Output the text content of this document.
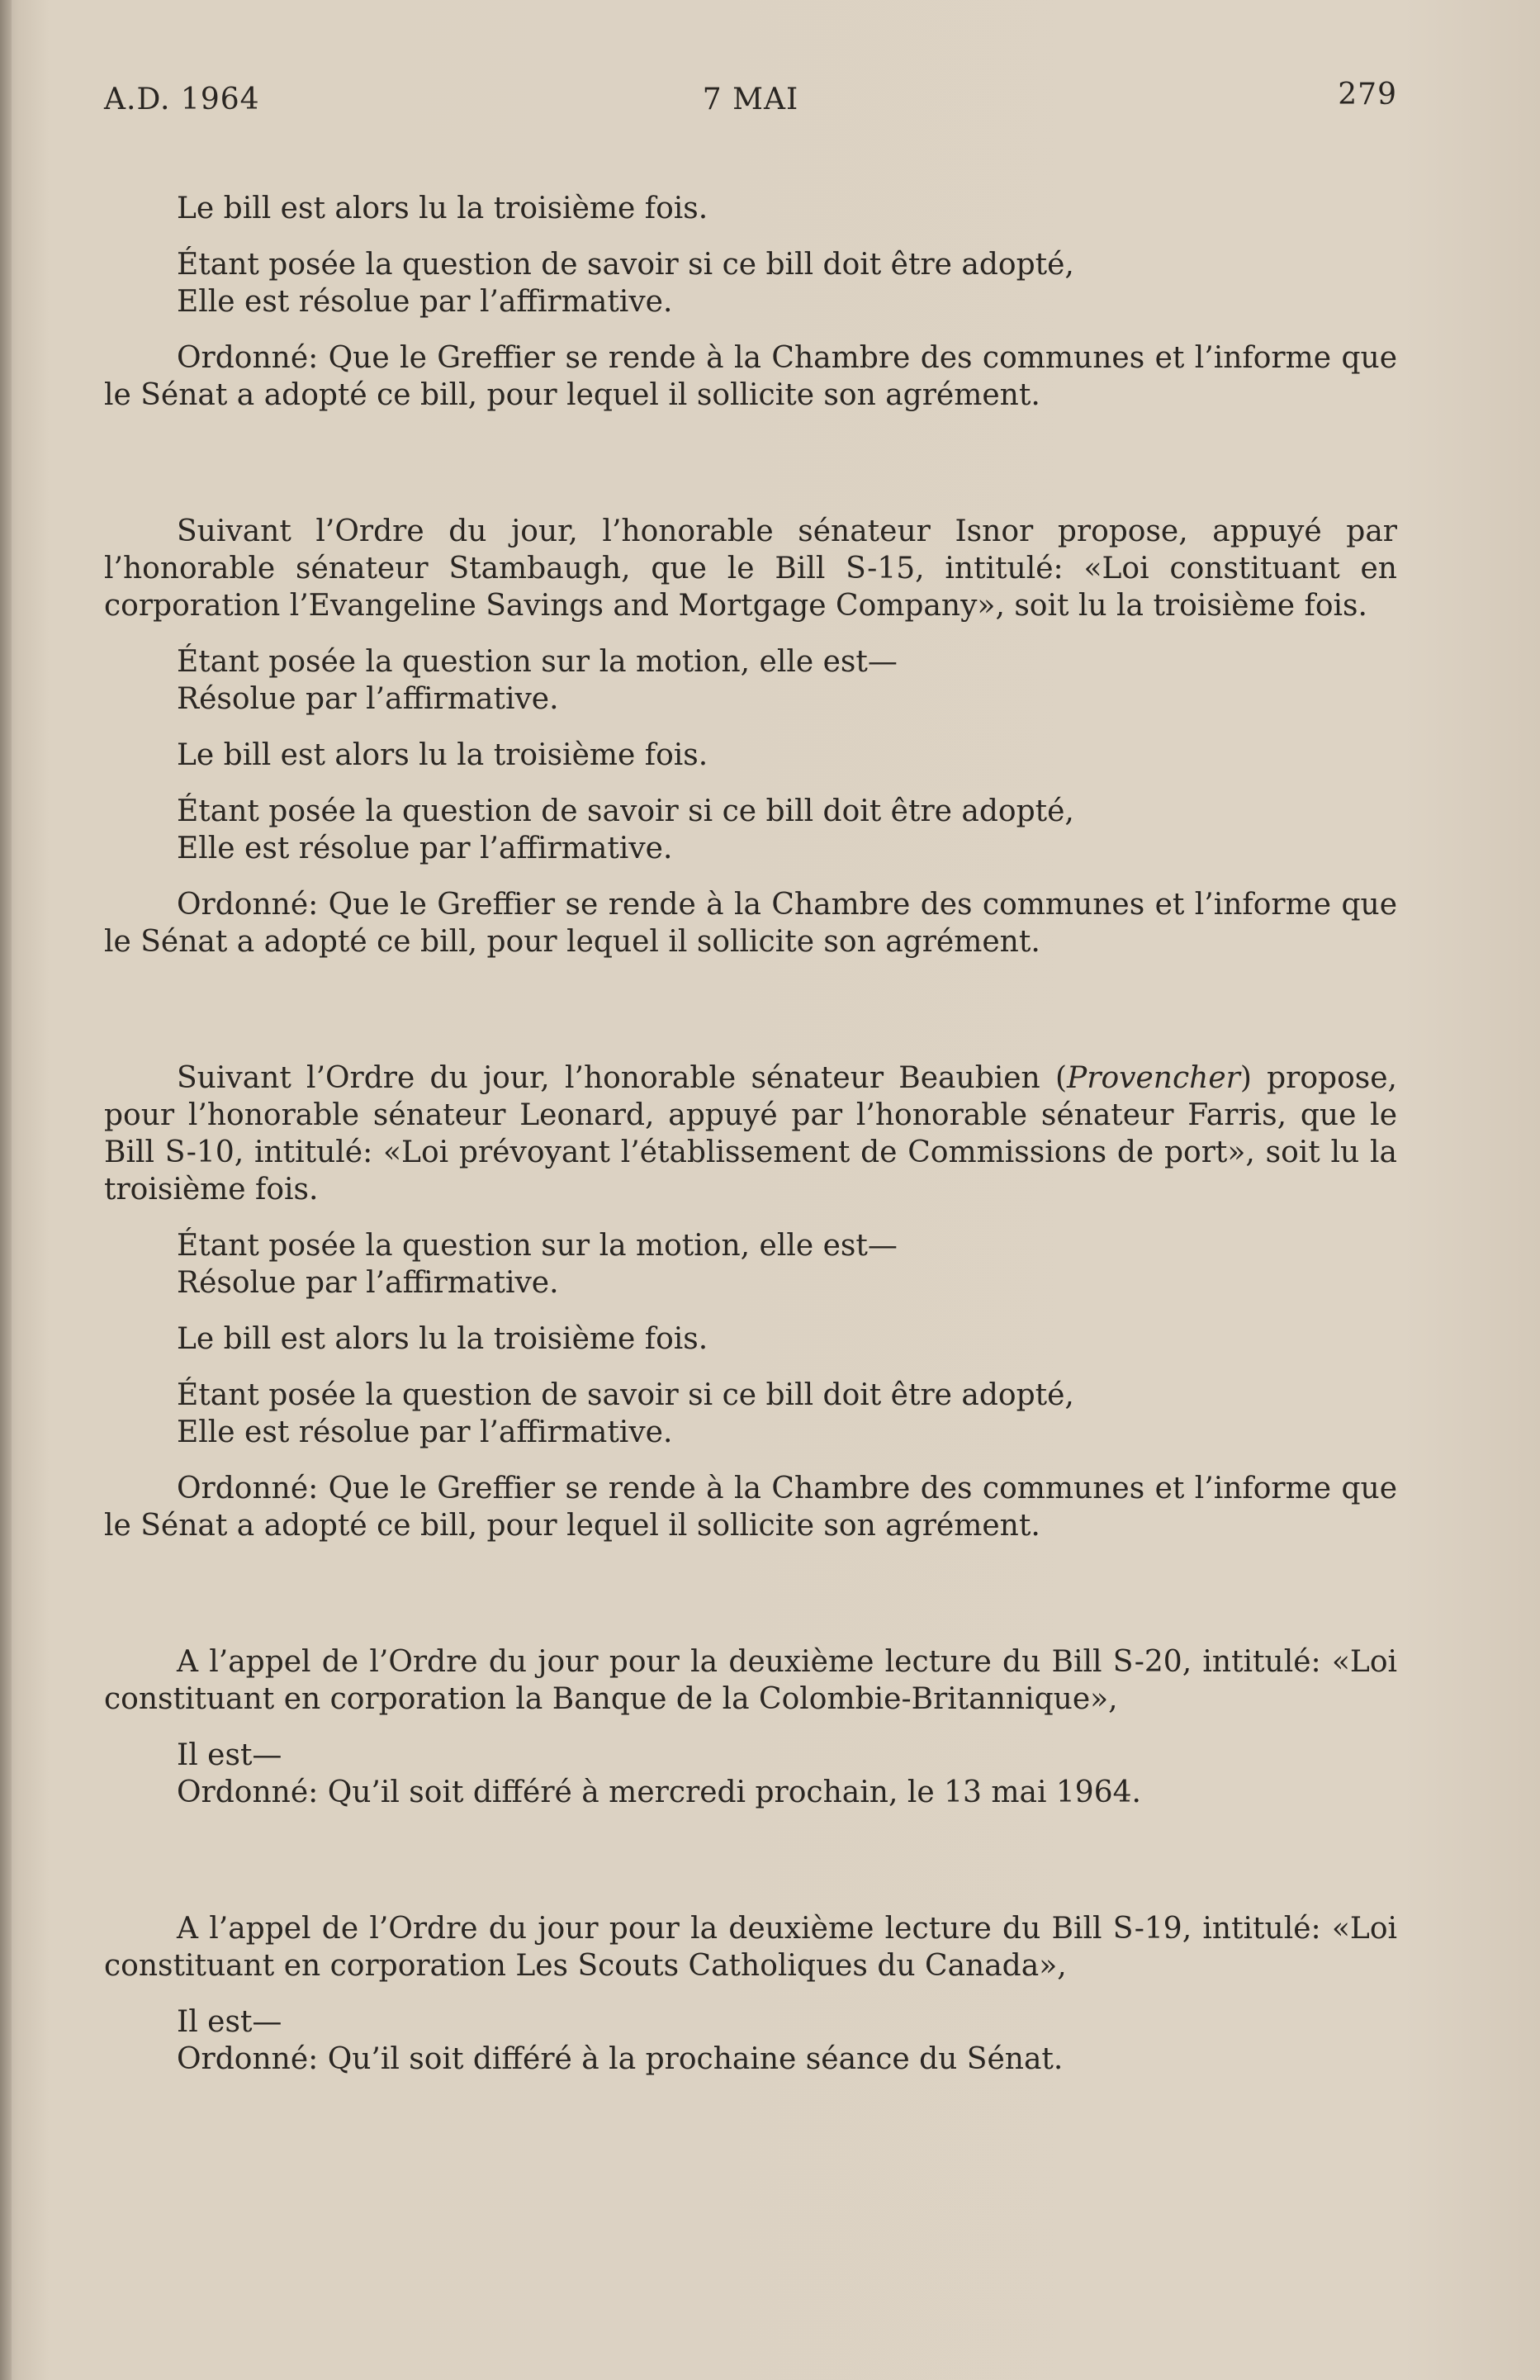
A.D. 1964	7 MAI	279

Le bill est alors lu la troisième fois.

Étant posée la question de savoir si ce bill doit être adopté,

Elle est résolue par l’affirmative.

Ordonné: Que le Greffier se rende à la Chambre des communes et l’informe que le Sénat a adopté ce bill, pour lequel il sollicite son agrément.

Suivant l’Ordre du jour, l’honorable sénateur Isnor propose, appuyé par l’honorable sénateur Stambaugh, que le Bill S-15, intitulé: «Loi constituant en corporation l’Evangeline Savings and Mortgage Company», soit lu la troisième fois.

Étant posée la question sur la motion, elle est—

Résolue par l’affirmative.

Le bill est alors lu la troisième fois.

Étant posée la question de savoir si ce bill doit être adopté,

Elle est résolue par l’affirmative.

Ordonné: Que le Greffier se rende à la Chambre des communes et l’informe que le Sénat a adopté ce bill, pour lequel il sollicite son agrément.

Suivant l’Ordre du jour, l’honorable sénateur Beaubien (Provencher) propose, pour l’honorable sénateur Leonard, appuyé par l’honorable sénateur Farris, que le Bill S-10, intitulé: «Loi prévoyant l’établissement de Commissions de port», soit lu la troisième fois.

Étant posée la question sur la motion, elle est—

Résolue par l’affirmative.

Le bill est alors lu la troisième fois.

Étant posée la question de savoir si ce bill doit être adopté,

Elle est résolue par l’affirmative.

Ordonné: Que le Greffier se rende à la Chambre des communes et l’informe que le Sénat a adopté ce bill, pour lequel il sollicite son agrément.

A l’appel de l’Ordre du jour pour la deuxième lecture du Bill S-20, intitulé: «Loi constituant en corporation la Banque de la Colombie-Britannique»,

Il est—

Ordonné: Qu’il soit différé à mercredi prochain, le 13 mai 1964.

A l’appel de l’Ordre du jour pour la deuxième lecture du Bill S-19, intitulé: «Loi constituant en corporation Les Scouts Catholiques du Canada»,

Il est—

Ordonné: Qu’il soit différé à la prochaine séance du Sénat.
